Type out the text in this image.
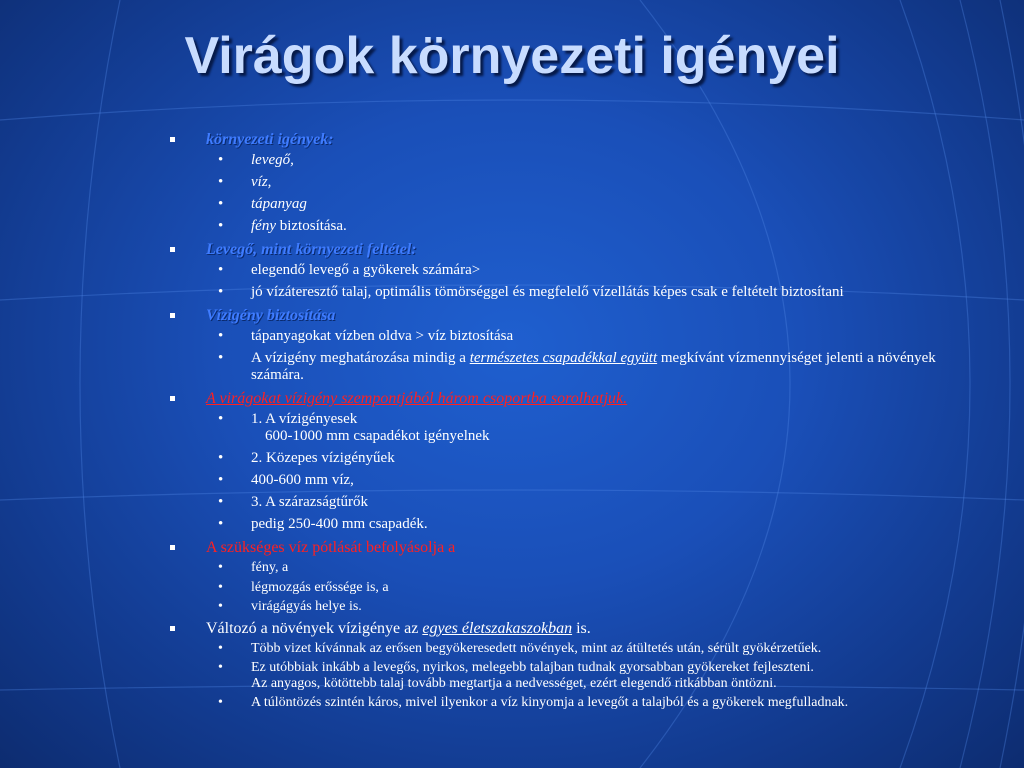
Virágok környezeti igényei
környezeti igények:
• levegő,
• víz,
• tápanyag
• fény biztosítása.
Levegő, mint környezeti feltétel:
• elegendő levegő a gyökerek számára>
• jó vízáteresztő talaj, optimális tömörséggel és megfelelő vízellátás képes csak e feltételt biztosítani
Vízigény biztosítása
• tápanyagokat vízben oldva > víz biztosítása
• A vízigény meghatározása mindig a természetes csapadékkal együtt megkívánt vízmennyiséget jelenti a növények számára.
A virágokat vízigény szempontjából három csoportba sorolhatjuk.
• 1. A vízigényesek
600-1000 mm csapadékot igényelnek
• 2. Közepes vízigényűek
• 400-600 mm víz,
• 3. A szárazságtűrők
• pedig 250-400 mm csapadék.
A szükséges víz pótlását befolyásolja a
• fény, a
• légmozgás erőssége is, a
• virágágyás helye is.
Változó a növények vízigénye az egyes életszakaszokban is.
• Több vizet kívánnak az erősen begyökeresedett növények, mint az átültetés után, sérült gyökérzetűek.
• Ez utóbbiak inkább a levegős, nyirkos, melegebb talajban tudnak gyorsabban gyökereket fejleszteni.
Az anyagos, kötöttebb talaj tovább megtartja a nedvességet, ezért elegendő ritkábban öntözni.
• A túlöntözés szintén káros, mivel ilyenkor a víz kinyomja a levegőt a talajból és a gyökerek megfulladnak.
